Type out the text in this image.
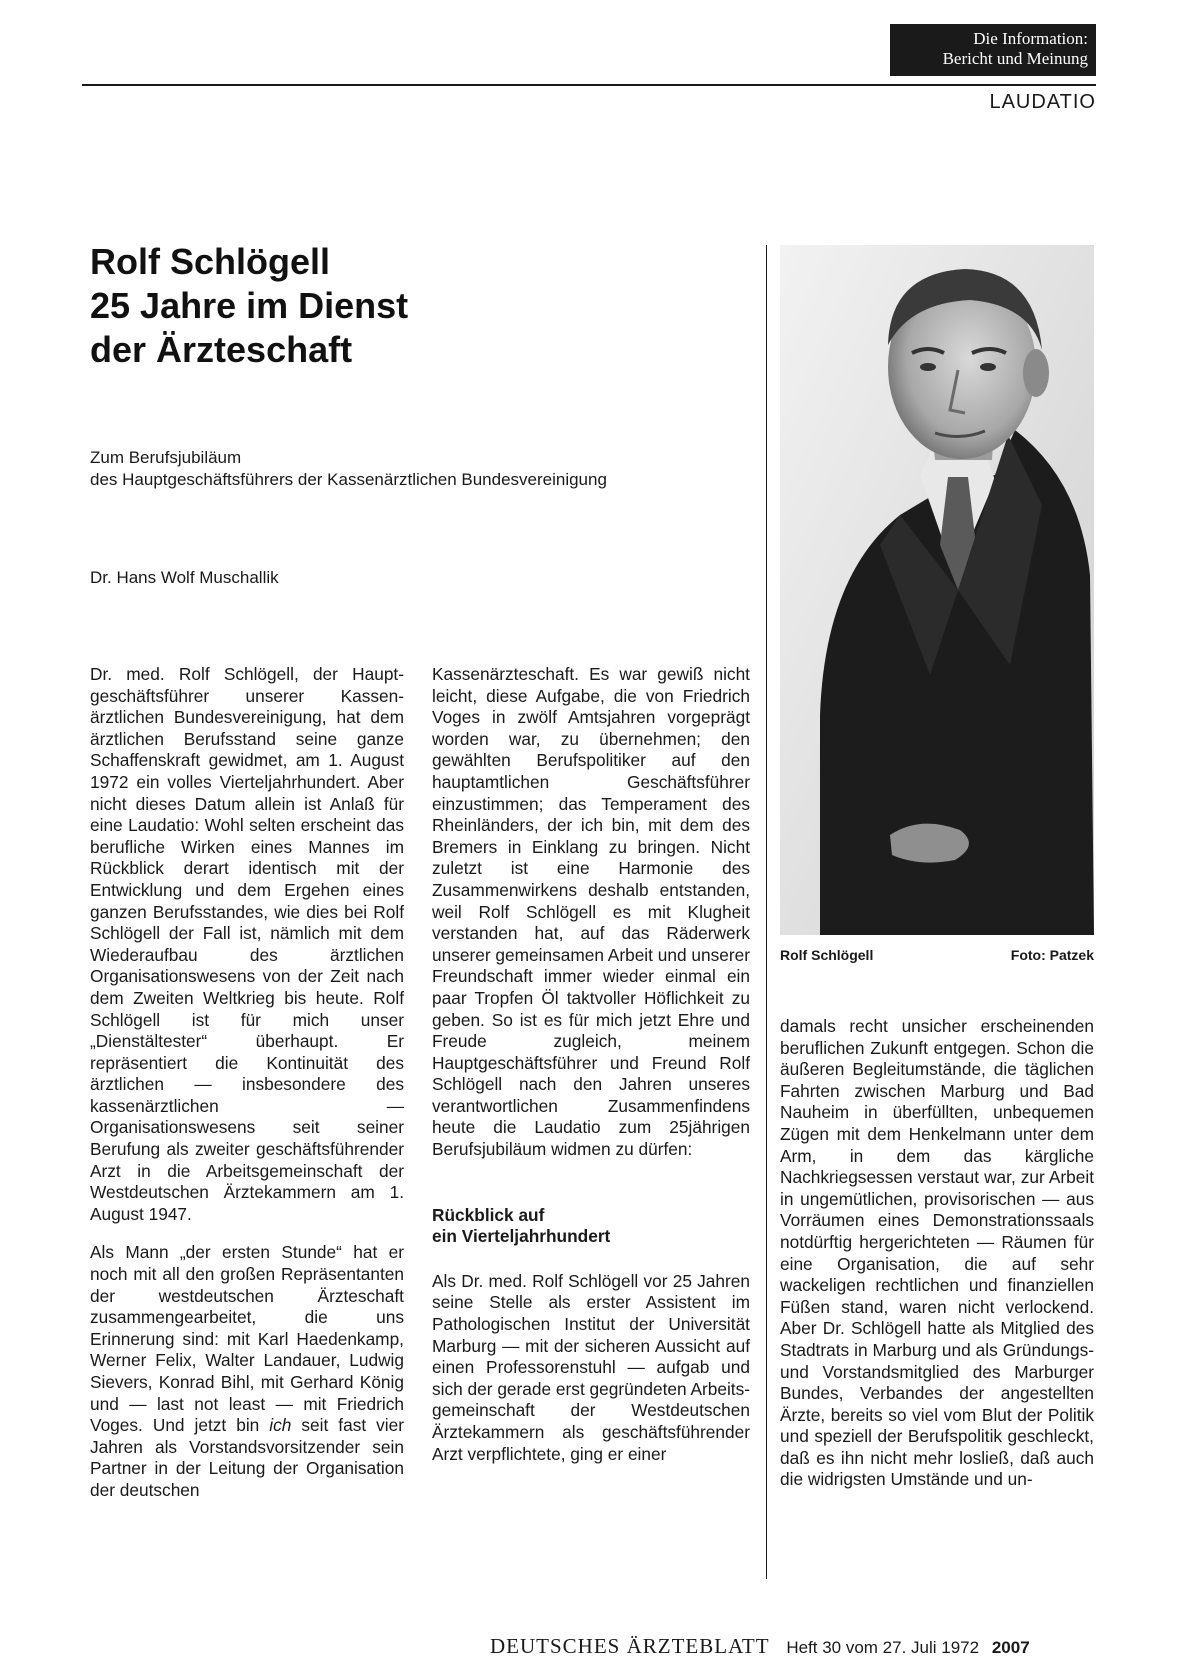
Die Information:
Bericht und Meinung
LAUDATIO
Rolf Schlögell
25 Jahre im Dienst
der Ärzteschaft
Zum Berufsjubiläum
des Hauptgeschäftsführers der Kassenärztlichen Bundesvereinigung
Dr. Hans Wolf Muschallik
Rolf Schlögell	Foto: Patzek

Dr. med. Rolf Schlögell, der Hauptgeschäftsführer unserer Kassenärztlichen Bundesvereinigung, hat dem ärztlichen Berufsstand seine ganze Schaffenskraft gewidmet, am 1. August 1972 ein volles Vierteljahrhundert. Aber nicht dieses Datum allein ist Anlaß für eine Laudatio: Wohl selten erscheint das berufliche Wirken eines Mannes im Rückblick derart identisch mit der Entwicklung und dem Ergehen eines ganzen Berufsstandes, wie dies bei Rolf Schlögell der Fall ist, nämlich mit dem Wiederaufbau des ärztlichen Organisationswesens von der Zeit nach dem Zweiten Weltkrieg bis heute. Rolf Schlögell ist für mich unser „Dienstältester“ überhaupt. Er repräsentiert die Kontinuität des ärztlichen — insbesondere des kassenärztlichen — Organisationswesens seit seiner Berufung als zweiter geschäftsführender Arzt in die Arbeitsgemeinschaft der Westdeutschen Ärztekammern am 1. August 1947.

Als Mann „der ersten Stunde“ hat er noch mit all den großen Repräsentanten der westdeutschen Ärzteschaft zusammengearbeitet, die uns Erinnerung sind: mit Karl Haedenkamp, Werner Felix, Walter Landauer, Ludwig Sievers, Konrad Bihl, mit Gerhard König und — last not least — mit Friedrich Voges. Und jetzt bin ich seit fast vier Jahren als Vorstandsvorsitzender sein Partner in der Leitung der Organisation der deutschen

Kassenärzteschaft. Es war gewiß nicht leicht, diese Aufgabe, die von Friedrich Voges in zwölf Amtsjahren vorgeprägt worden war, zu übernehmen; den gewählten Berufspolitiker auf den hauptamtlichen Geschäftsführer einzustimmen; das Temperament des Rheinländers, der ich bin, mit dem des Bremers in Einklang zu bringen. Nicht zuletzt ist eine Harmonie des Zusammenwirkens deshalb entstanden, weil Rolf Schlögell es mit Klugheit verstanden hat, auf das Räderwerk unserer gemeinsamen Arbeit und unserer Freundschaft immer wieder einmal ein paar Tropfen Öl taktvoller Höflichkeit zu geben. So ist es für mich jetzt Ehre und Freude zugleich, meinem Hauptgeschäftsführer und Freund Rolf Schlögell nach den Jahren unseres verantwortlichen Zusammenfindens heute die Laudatio zum 25jährigen Berufsjubiläum widmen zu dürfen:

Rückblick auf
ein Vierteljahrhundert

Als Dr. med. Rolf Schlögell vor 25 Jahren seine Stelle als erster Assistent im Pathologischen Institut der Universität Marburg — mit der sicheren Aussicht auf einen Professorenstuhl — aufgab und sich der gerade erst gegründeten Arbeitsgemeinschaft der Westdeutschen Ärztekammern als geschäftsführender Arzt verpflichtete, ging er einer

damals recht unsicher erscheinenden beruflichen Zukunft entgegen. Schon die äußeren Begleitumstände, die täglichen Fahrten zwischen Marburg und Bad Nauheim in überfüllten, unbequemen Zügen mit dem Henkelmann unter dem Arm, in dem das kärgliche Nachkriegsessen verstaut war, zur Arbeit in ungemütlichen, provisorischen — aus Vorräumen eines Demonstrationssaals notdürftig hergerichteten — Räumen für eine Organisation, die auf sehr wackeligen rechtlichen und finanziellen Füßen stand, waren nicht verlockend. Aber Dr. Schlögell hatte als Mitglied des Stadtrats in Marburg und als Gründungs- und Vorstandsmitglied des Marburger Bundes, Verbandes der angestellten Ärzte, bereits so viel vom Blut der Politik und speziell der Berufspolitik geschleckt, daß es ihn nicht mehr losließ, daß auch die widrigsten Umstände und un-

DEUTSCHES ÄRZTEBLATT Heft 30 vom 27. Juli 1972 2007
